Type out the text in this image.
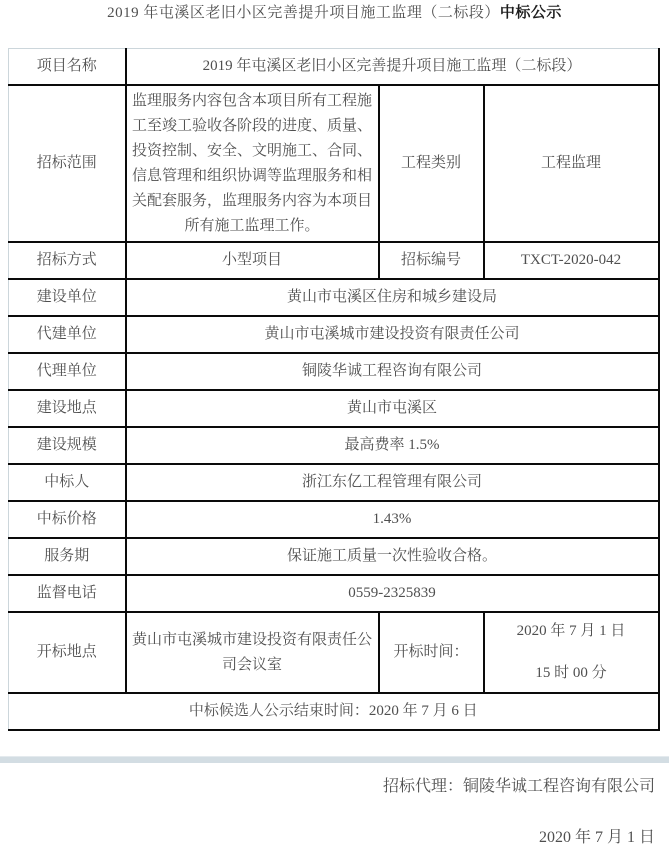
2019 年屯溪区老旧小区完善提升项目施工监理（二标段）中标公示
项目名称	2019 年屯溪区老旧小区完善提升项目施工监理（二标段）		
招标范围	监理服务内容包含本项目所有工程施工至竣工验收各阶段的进度、质量、投资控制、安全、文明施工、合同、信息管理和组织协调等监理服务和相关配套服务，监理服务内容为本项目所有施工监理工作。	工程类别	工程监理
招标方式	小型项目	招标编号	TXCT-2020-042
建设单位	黄山市屯溪区住房和城乡建设局		
代建单位	黄山市屯溪城市建设投资有限责任公司		
代理单位	铜陵华诚工程咨询有限公司		
建设地点	黄山市屯溪区		
建设规模	最高费率 1.5%		
中标人	浙江东亿工程管理有限公司		
中标价格	1.43%		
服务期	保证施工质量一次性验收合格。		
监督电话	0559-2325839		
开标地点	黄山市屯溪城市建设投资有限责任公司会议室	开标时间：	2020 年 7 月 1 日
15 时 00 分

中标候选人公示结束时间：2020 年 7 月 6 日			
招标代理：铜陵华诚工程咨询有限公司
2020 年 7 月 1 日
